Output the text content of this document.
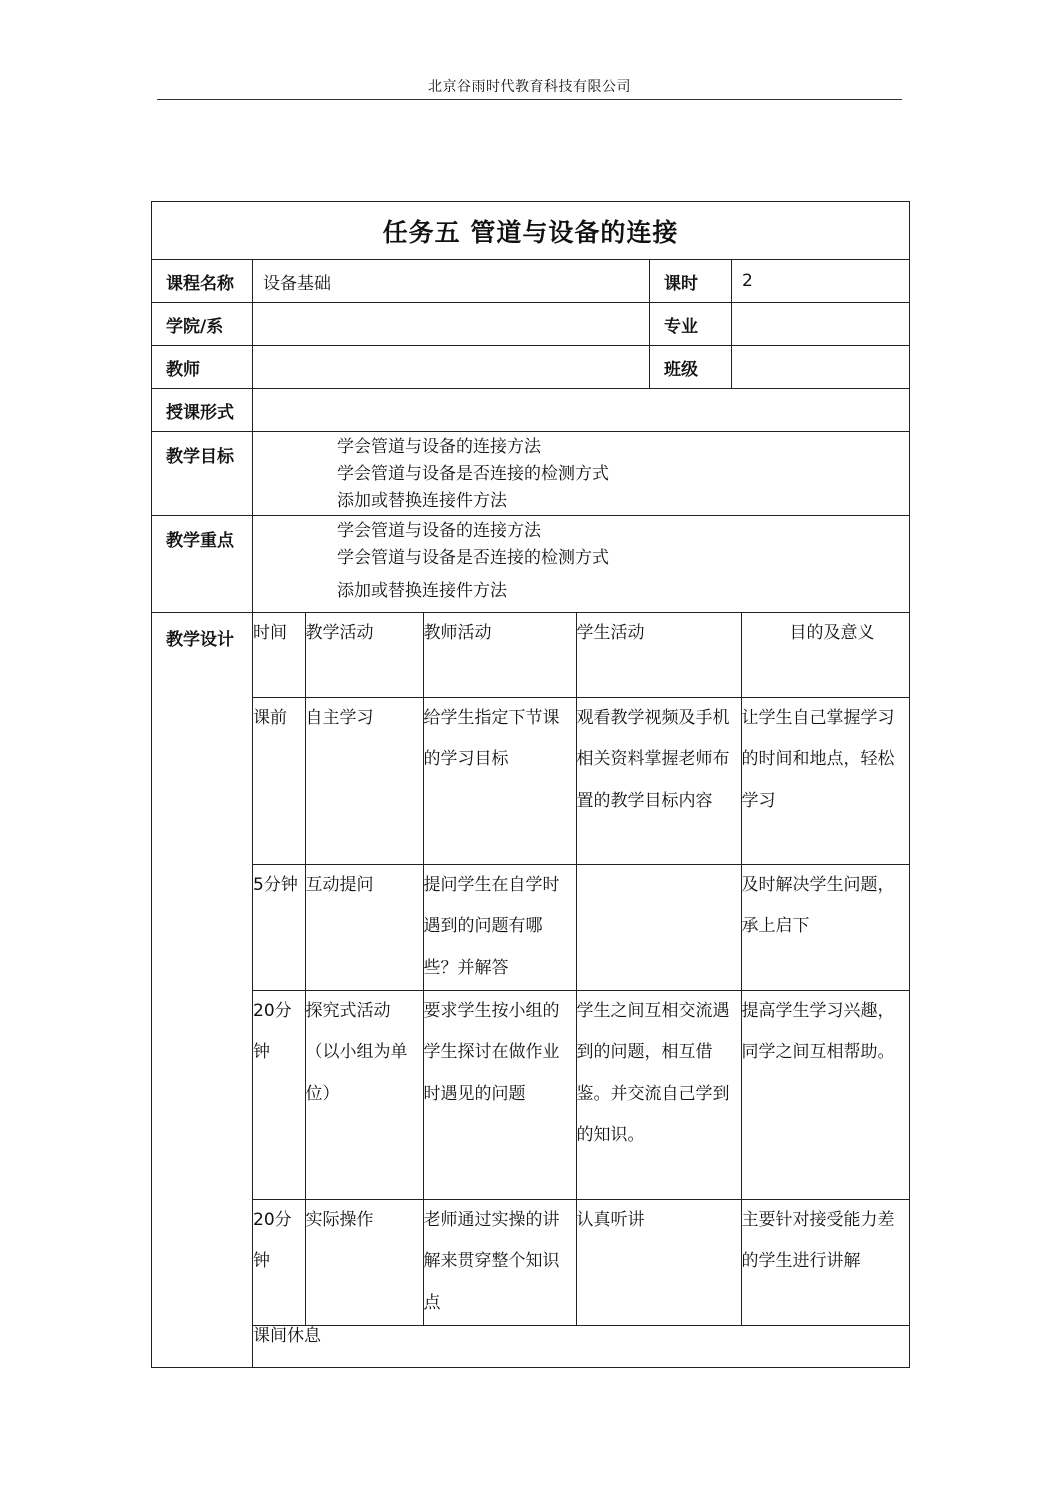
北京谷雨时代教育科技有限公司
任务五 管道与设备的连接
课程名称	设备基础	课时	2
学院/系		专业	
教师		班级	
授课形式	
教学目标	学会管道与设备的连接方法
学会管道与设备是否连接的检测方式
添加或替换连接件方法

教学重点	学会管道与设备的连接方法
学会管道与设备是否连接的检测方式
添加或替换连接件方法

教学设计	时间	教学活动	教师活动	学生活动	目的及意义
课前	自主学习	给学生指定下节课的学习目标	观看教学视频及手机相关资料掌握老师布置的教学目标内容	让学生自己掌握学习的时间和地点，轻松学习
5分钟	互动提问	提问学生在自学时遇到的问题有哪些？并解答		及时解决学生问题，承上启下
20分钟	探究式活动（以小组为单位）	要求学生按小组的学生探讨在做作业时遇见的问题	学生之间互相交流遇到的问题，相互借鉴。并交流自己学到的知识。	提高学生学习兴趣，同学之间互相帮助。
20分钟	实际操作	老师通过实操的讲解来贯穿整个知识点	认真听讲	主要针对接受能力差的学生进行讲解
课间休息
